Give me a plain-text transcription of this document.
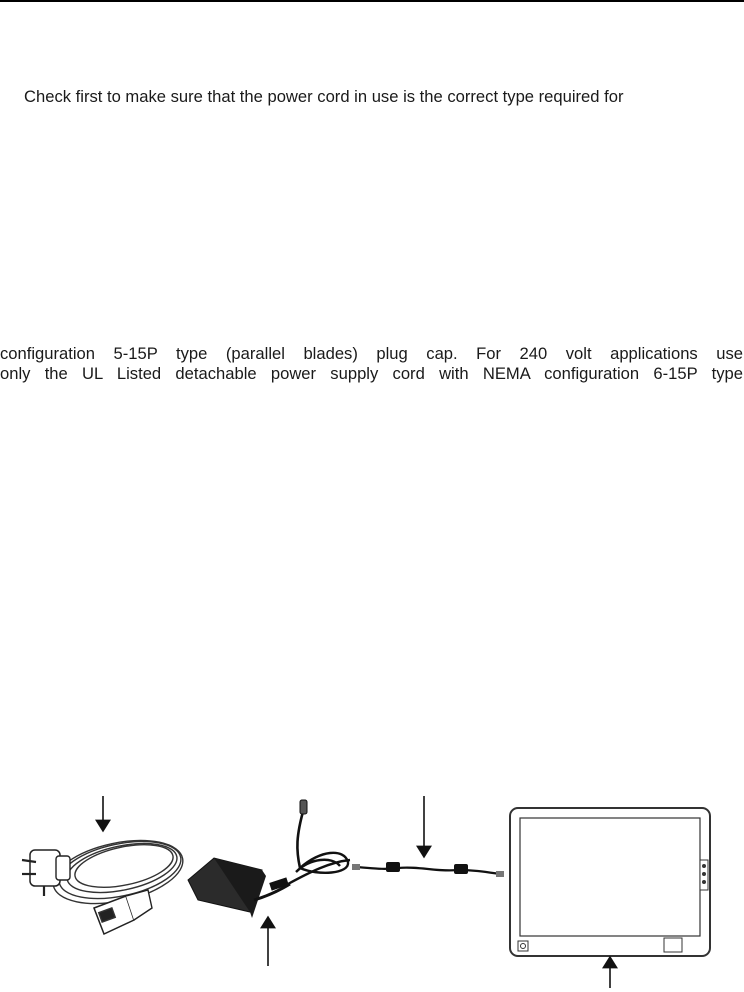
Check first to make sure that the power cord in use is the correct type required for

configuration 5-15P type (parallel blades) plug cap. For 240 volt applications use
only the UL Listed detachable power supply cord with NEMA configuration 6-15P type
